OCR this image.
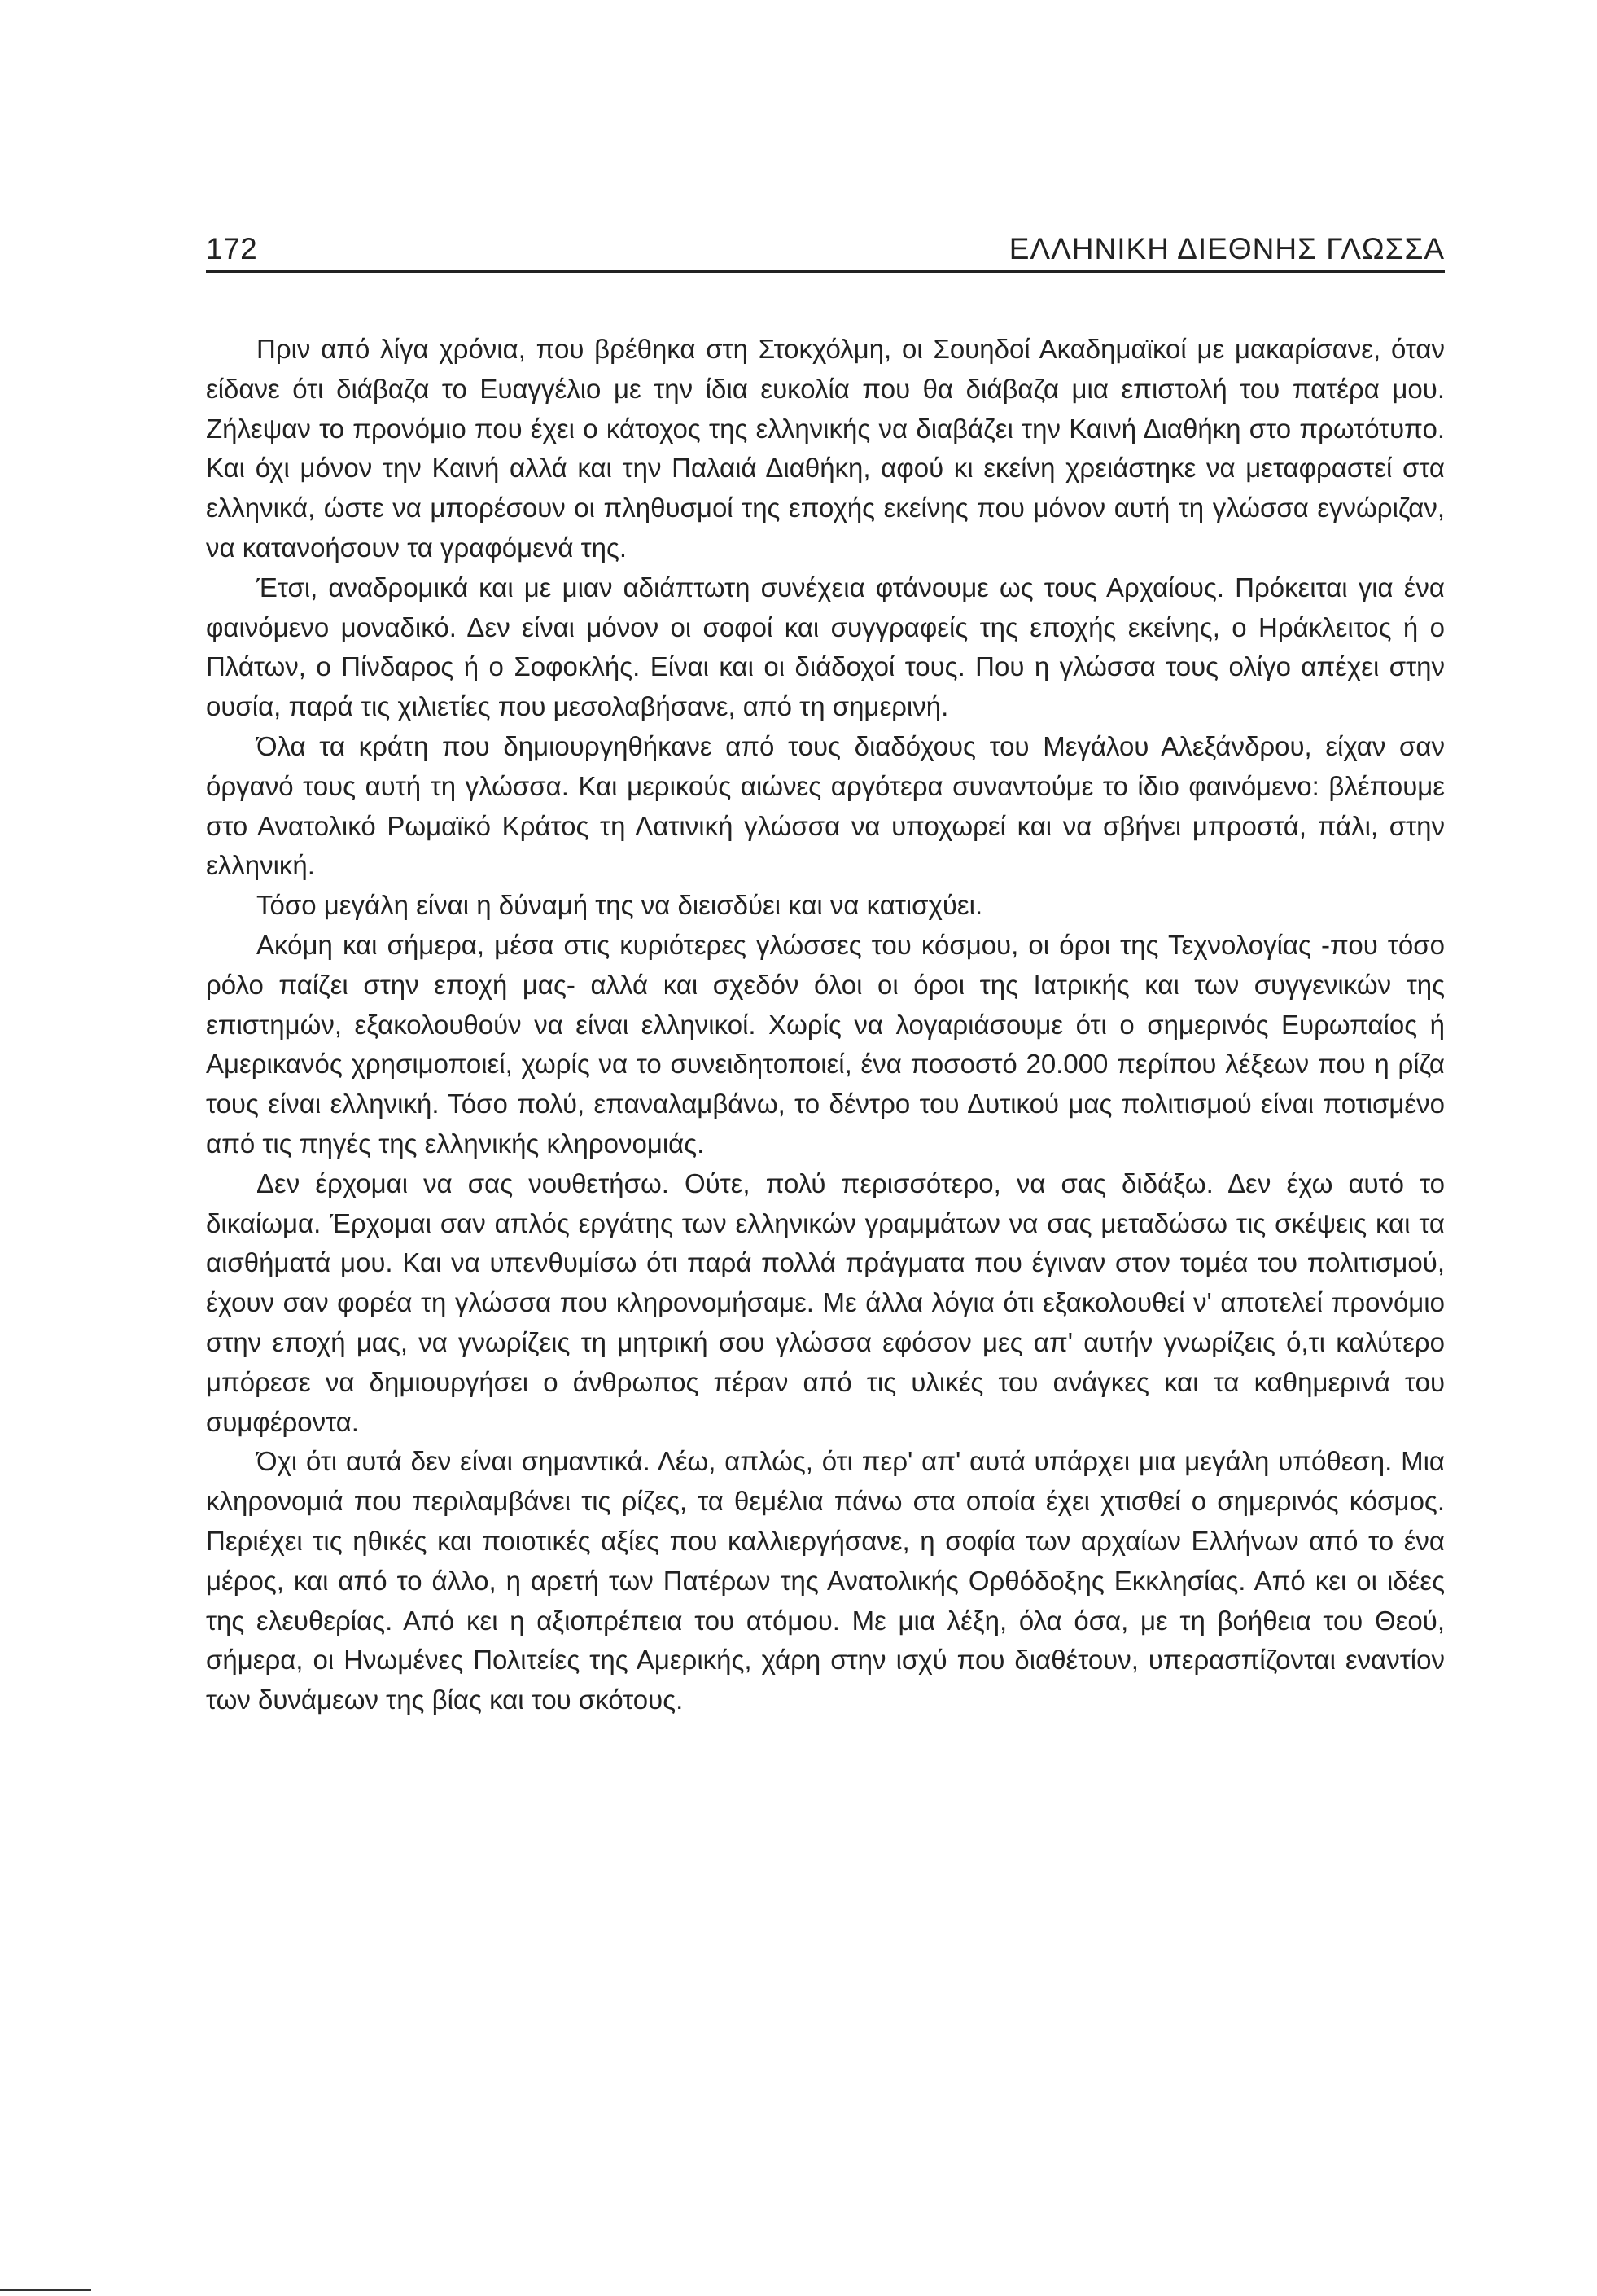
172	ΕΛΛΗΝΙΚΗ ΔΙΕΘΝΗΣ ΓΛΩΣΣΑ

Πριν από λίγα χρόνια, που βρέθηκα στη Στοκχόλμη, οι Σουηδοί Ακαδημαϊκοί με μακαρίσανε, όταν είδανε ότι διάβαζα το Ευαγγέλιο με την ίδια ευκολία που θα διάβαζα μια επιστολή του πατέρα μου. Ζήλεψαν το προνόμιο που έχει ο κάτοχος της ελληνικής να διαβάζει την Καινή Διαθήκη στο πρωτότυπο. Και όχι μόνον την Καινή αλλά και την Παλαιά Διαθήκη, αφού κι εκείνη χρειάστηκε να μεταφραστεί στα ελληνικά, ώστε να μπορέσουν οι πληθυσμοί της εποχής εκείνης που μόνον αυτή τη γλώσσα εγνώριζαν, να κατανοήσουν τα γραφόμενά της.

Έτσι, αναδρομικά και με μιαν αδιάπτωτη συνέχεια φτάνουμε ως τους Αρχαίους. Πρόκειται για ένα φαινόμενο μοναδικό. Δεν είναι μόνον οι σοφοί και συγγραφείς της εποχής εκείνης, ο Ηράκλειτος ή ο Πλάτων, ο Πίνδαρος ή ο Σοφοκλής. Είναι και οι διάδοχοί τους. Που η γλώσσα τους ολίγο απέχει στην ουσία, παρά τις χιλιετίες που μεσολαβήσανε, από τη σημερινή.

Όλα τα κράτη που δημιουργηθήκανε από τους διαδόχους του Μεγάλου Αλεξάνδρου, είχαν σαν όργανό τους αυτή τη γλώσσα. Και μερικούς αιώνες αργότερα συναντούμε το ίδιο φαινόμενο: βλέπουμε στο Ανατολικό Ρωμαϊκό Κράτος τη Λατινική γλώσσα να υποχωρεί και να σβήνει μπροστά, πάλι, στην ελληνική.

Τόσο μεγάλη είναι η δύναμή της να διεισδύει και να κατισχύει.

Ακόμη και σήμερα, μέσα στις κυριότερες γλώσσες του κόσμου, οι όροι της Τεχνολογίας -που τόσο ρόλο παίζει στην εποχή μας- αλλά και σχεδόν όλοι οι όροι της Ιατρικής και των συγγενικών της επιστημών, εξακολουθούν να είναι ελληνικοί. Χωρίς να λογαριάσουμε ότι ο σημερινός Ευρωπαίος ή Αμερικανός χρησιμοποιεί, χωρίς να το συνειδητοποιεί, ένα ποσοστό 20.000 περίπου λέξεων που η ρίζα τους είναι ελληνική. Τόσο πολύ, επαναλαμβάνω, το δέντρο του Δυτικού μας πολιτισμού είναι ποτισμένο από τις πηγές της ελληνικής κληρονομιάς.

Δεν έρχομαι να σας νουθετήσω. Ούτε, πολύ περισσότερο, να σας διδάξω. Δεν έχω αυτό το δικαίωμα. Έρχομαι σαν απλός εργάτης των ελληνικών γραμμάτων να σας μεταδώσω τις σκέψεις και τα αισθήματά μου. Και να υπενθυμίσω ότι παρά πολλά πράγματα που έγιναν στον τομέα του πολιτισμού, έχουν σαν φορέα τη γλώσσα που κληρονομήσαμε. Με άλλα λόγια ότι εξακολουθεί ν' αποτελεί προνόμιο στην εποχή μας, να γνωρίζεις τη μητρική σου γλώσσα εφόσον μες απ' αυτήν γνωρίζεις ό,τι καλύτερο μπόρεσε να δημιουργήσει ο άνθρωπος πέραν από τις υλικές του ανάγκες και τα καθημερινά του συμφέροντα.

Όχι ότι αυτά δεν είναι σημαντικά. Λέω, απλώς, ότι περ' απ' αυτά υπάρχει μια μεγάλη υπόθεση. Μια κληρονομιά που περιλαμβάνει τις ρίζες, τα θεμέλια πάνω στα οποία έχει χτισθεί ο σημερινός κόσμος. Περιέχει τις ηθικές και ποιοτικές αξίες που καλλιεργήσανε, η σοφία των αρχαίων Ελλήνων από το ένα μέρος, και από το άλλο, η αρετή των Πατέρων της Ανατολικής Ορθόδοξης Εκκλησίας. Από κει οι ιδέες της ελευθερίας. Από κει η αξιοπρέπεια του ατόμου. Με μια λέξη, όλα όσα, με τη βοήθεια του Θεού, σήμερα, οι Ηνωμένες Πολιτείες της Αμερικής, χάρη στην ισχύ που διαθέτουν, υπερασπίζονται εναντίον των δυνάμεων της βίας και του σκότους.
